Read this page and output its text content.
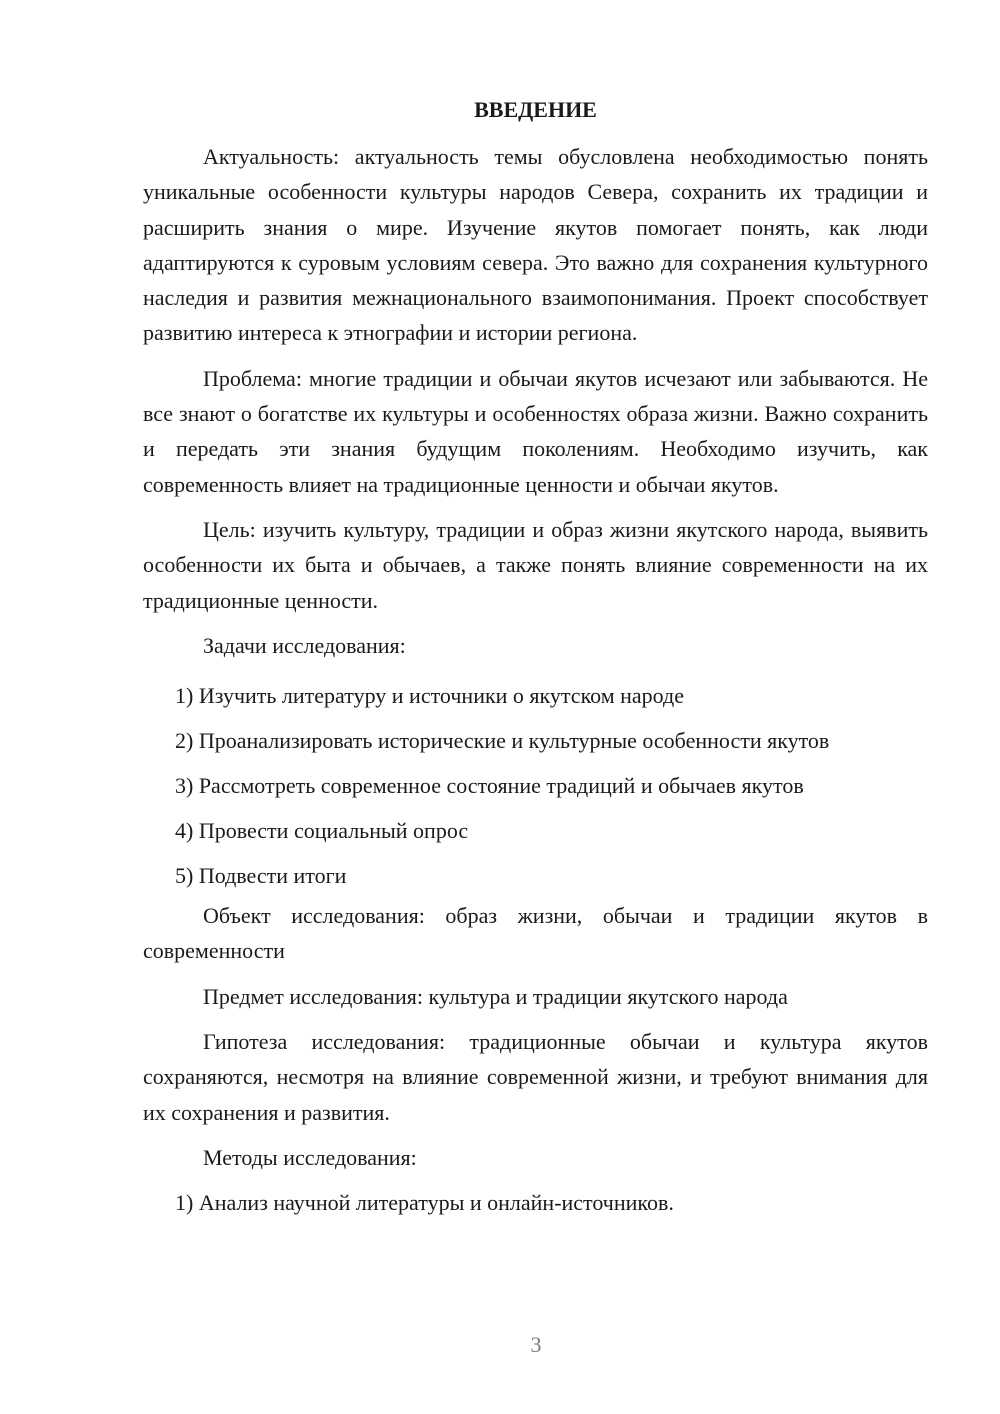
ВВЕДЕНИЕ

Актуальность: актуальность темы обусловлена необходимостью понять уникальные особенности культуры народов Севера, сохранить их традиции и расширить знания о мире. Изучение якутов помогает понять, как люди адаптируются к суровым условиям севера. Это важно для сохранения культурного наследия и развития межнационального взаимопонимания. Проект способствует развитию интереса к этнографии и истории региона.

Проблема: многие традиции и обычаи якутов исчезают или забываются. Не все знают о богатстве их культуры и особенностях образа жизни. Важно сохранить и передать эти знания будущим поколениям. Необходимо изучить, как современность влияет на традиционные ценности и обычаи якутов.

Цель: изучить культуру, традиции и образ жизни якутского народа, выявить особенности их быта и обычаев, а также понять влияние современности на их традиционные ценности.

Задачи исследования:

1) Изучить литературу и источники о якутском народе
2) Проанализировать исторические и культурные особенности якутов
3) Рассмотреть современное состояние традиций и обычаев якутов
4) Провести социальный опрос
5) Подвести итоги

Объект исследования: образ жизни, обычаи и традиции якутов в современности

Предмет исследования: культура и традиции якутского народа

Гипотеза исследования: традиционные обычаи и культура якутов сохраняются, несмотря на влияние современной жизни, и требуют внимания для их сохранения и развития.

Методы исследования:

1) Анализ научной литературы и онлайн-источников.
3
